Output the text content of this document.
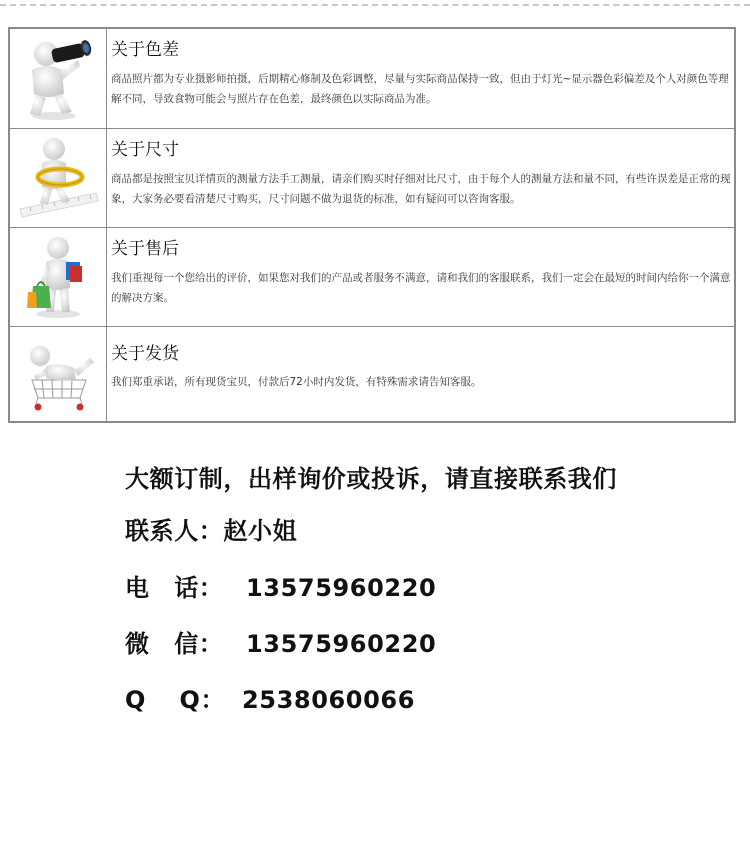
关于色差
商品照片都为专业摄影师拍摄，后期精心修制及色彩调整，尽量与实际商品保持一致，但由于灯光~显示器色彩偏差及个人对颜色等理解不同，导致食物可能会与照片存在色差，最终颜色以实际商品为准。
关于尺寸
商品都是按照宝贝详情页的测量方法手工测量，请亲们购买时仔细对比尺寸，由于每个人的测量方法和量不同，有些许误差是正常的现象，大家务必要看清楚尺寸购买，尺寸问题不做为退货的标准，如有疑问可以咨询客服。
关于售后
我们重视每一个您给出的评价，如果您对我们的产品或者服务不满意，请和我们的客服联系，我们一定会在最短的时间内给你一个满意的解决方案。
关于发货
我们郑重承诺，所有现货宝贝，付款后72小时内发货，有特殊需求请告知客服。
大额订制，出样询价或投诉，请直接联系我们
联系人：赵小姐
电　话： 13575960220
微　信： 13575960220
Q　 Q： 2538060066
